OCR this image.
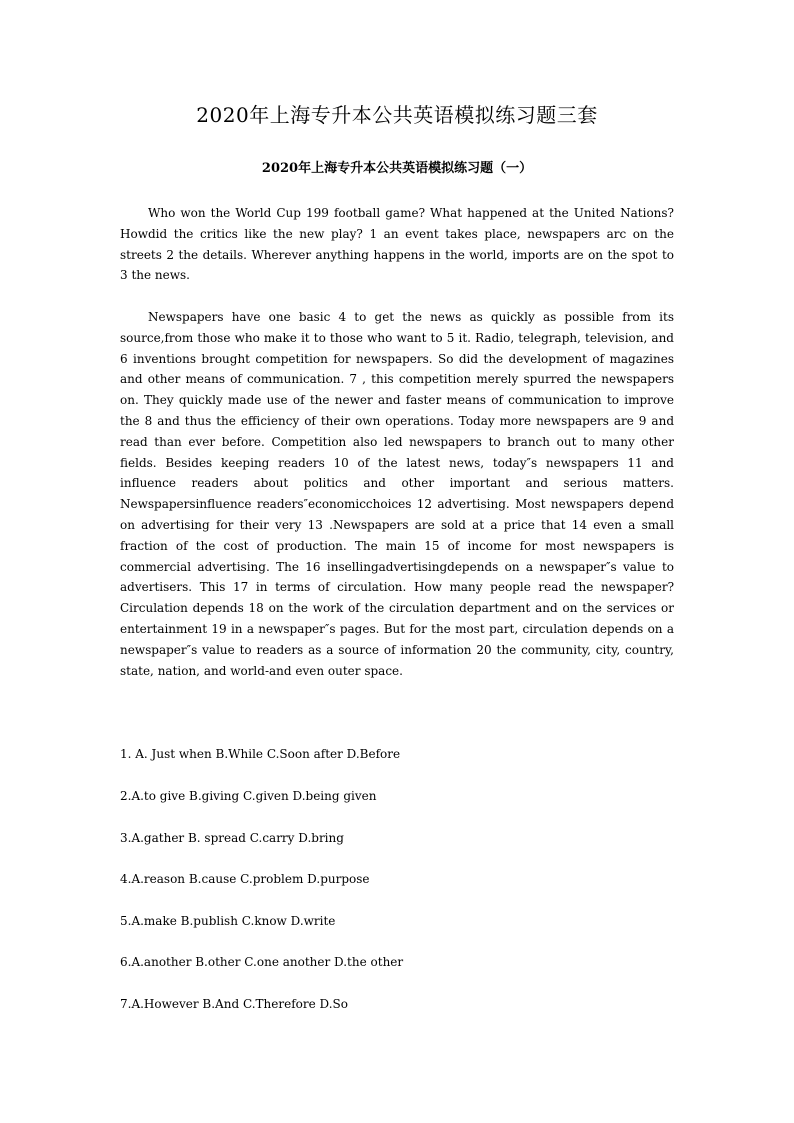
2020年上海专升本公共英语模拟练习题三套
2020年上海专升本公共英语模拟练习题（一）

Who won the World Cup 199 football game? What happened at the United Nations? Howdid the critics like the new play? 1 an event takes place, newspapers arc on the streets 2 the details. Wherever anything happens in the world, imports are on the spot to 3 the news.

Newspapers have one basic 4 to get the news as quickly as possible from its source,from those who make it to those who want to 5 it. Radio, telegraph, television, and 6 inventions brought competition for newspapers. So did the development of magazines and other means of communication. 7 , this competition merely spurred the newspapers on. They quickly made use of the newer and faster means of communication to improve the 8 and thus the efficiency of their own operations. Today more newspapers are 9 and read than ever before. Competition also led newspapers to branch out to many other fields. Besides keeping readers 10 of the latest news, today″s newspapers 11 and influence readers about politics and other important and serious matters. Newspapersinfluence readers″economicchoices 12 advertising. Most newspapers depend on advertising for their very 13 .Newspapers are sold at a price that 14 even a small fraction of the cost of production. The main 15 of income for most newspapers is commercial advertising. The 16 insellingadvertisingdepends on a newspaper″s value to advertisers. This 17 in terms of circulation. How many people read the newspaper? Circulation depends 18 on the work of the circulation department and on the services or entertainment 19 in a newspaper″s pages. But for the most part, circulation depends on a newspaper″s value to readers as a source of information 20 the community, city, country, state, nation, and world-and even outer space.

1. A. Just when B.While C.Soon after D.Before

2.A.to give B.giving C.given D.being given

3.A.gather B. spread C.carry D.bring

4.A.reason B.cause C.problem D.purpose

5.A.make B.publish C.know D.write

6.A.another B.other C.one another D.the other

7.A.However B.And C.Therefore D.So
